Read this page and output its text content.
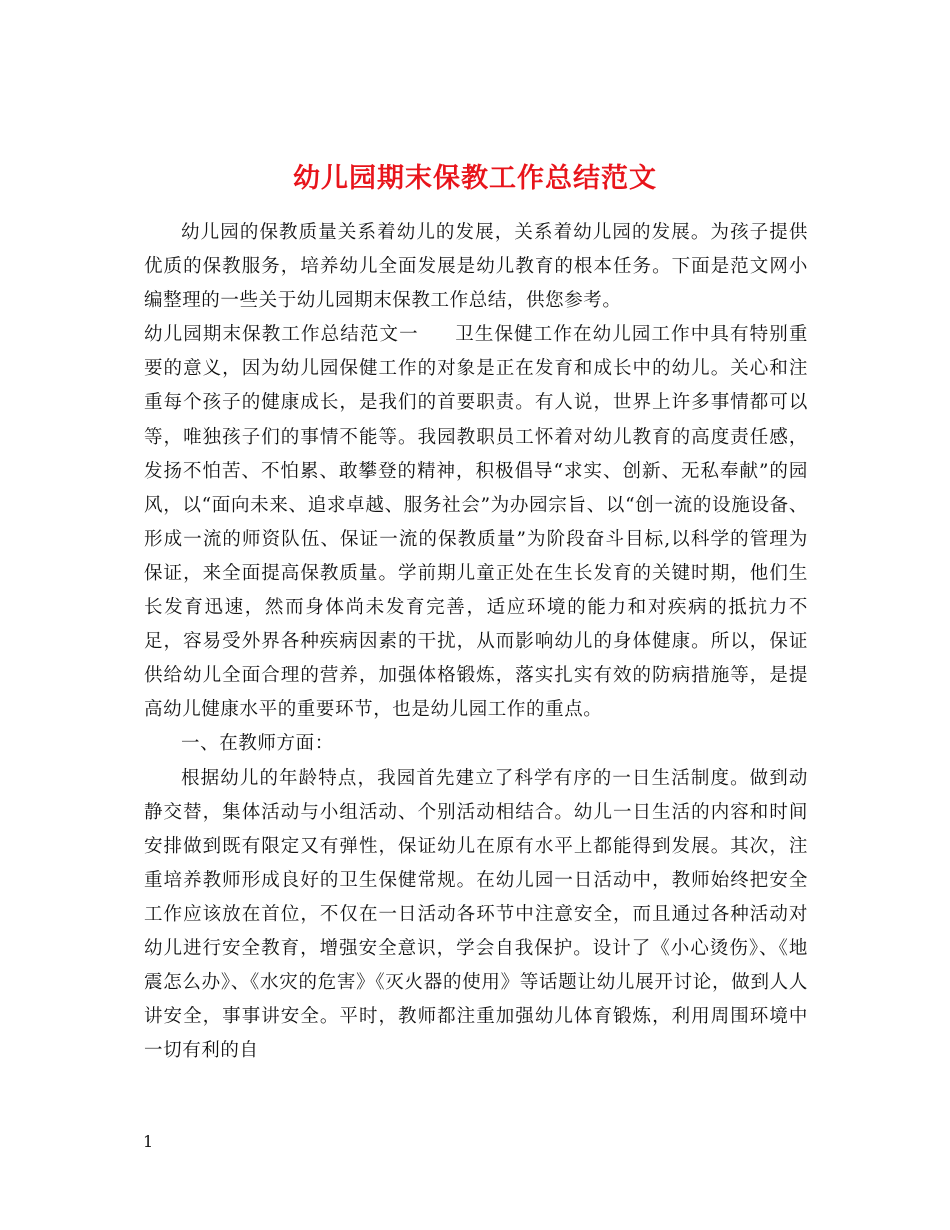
幼儿园期末保教工作总结范文

幼儿园的保教质量关系着幼儿的发展，关系着幼儿园的发展。为孩子提供优质的保教服务，培养幼儿全面发展是幼儿教育的根本任务。下面是范文网小编整理的一些关于幼儿园期末保教工作总结，供您参考。

幼儿园期末保教工作总结范文一 卫生保健工作在幼儿园工作中具有特别重要的意义，因为幼儿园保健工作的对象是正在发育和成长中的幼儿。关心和注重每个孩子的健康成长，是我们的首要职责。有人说，世界上许多事情都可以等，唯独孩子们的事情不能等。我园教职员工怀着对幼儿教育的高度责任感，发扬不怕苦、不怕累、敢攀登的精神，积极倡导“求实、创新、无私奉献”的园风，以“面向未来、追求卓越、服务社会”为办园宗旨、以“创一流的设施设备、形成一流的师资队伍、保证一流的保教质量”为阶段奋斗目标,以科学的管理为保证，来全面提高保教质量。学前期儿童正处在生长发育的关键时期，他们生长发育迅速，然而身体尚未发育完善，适应环境的能力和对疾病的抵抗力不足，容易受外界各种疾病因素的干扰，从而影响幼儿的身体健康。所以，保证供给幼儿全面合理的营养，加强体格锻炼，落实扎实有效的防病措施等，是提高幼儿健康水平的重要环节，也是幼儿园工作的重点。

一、在教师方面：

根据幼儿的年龄特点，我园首先建立了科学有序的一日生活制度。做到动静交替，集体活动与小组活动、个别活动相结合。幼儿一日生活的内容和时间安排做到既有限定又有弹性，保证幼儿在原有水平上都能得到发展。其次，注重培养教师形成良好的卫生保健常规。在幼儿园一日活动中，教师始终把安全工作应该放在首位，不仅在一日活动各环节中注意安全，而且通过各种活动对幼儿进行安全教育，增强安全意识，学会自我保护。设计了《小心烫伤》、《地震怎么办》、《水灾的危害》《灭火器的使用》等话题让幼儿展开讨论，做到人人讲安全，事事讲安全。平时，教师都注重加强幼儿体育锻炼，利用周围环境中一切有利的自

1
